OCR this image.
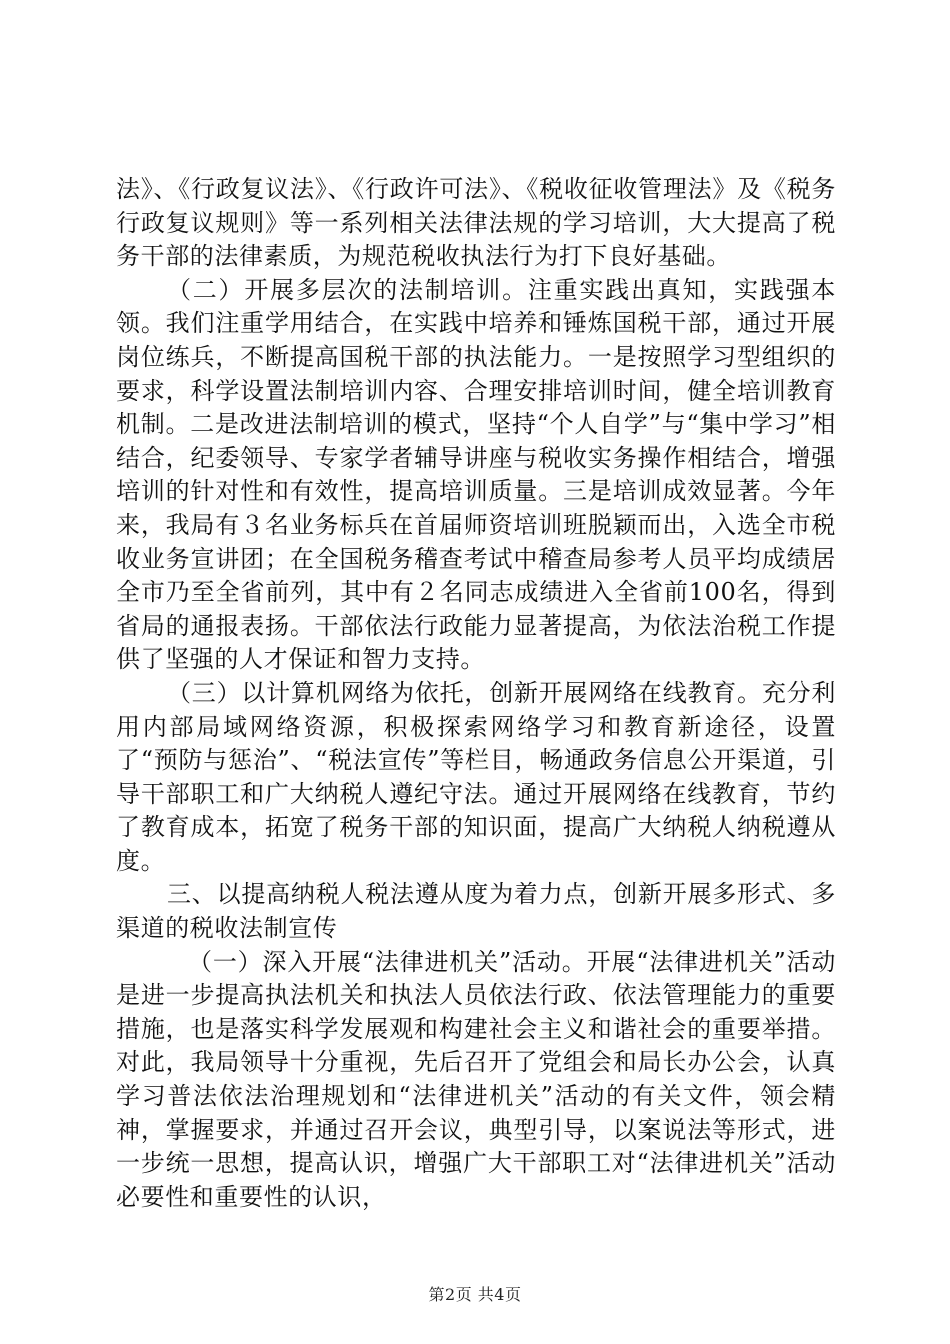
法》、《行政复议法》、《行政许可法》、《税收征收管理法》及《税务行政复议规则》等一系列相关法律法规的学习培训，大大提高了税务干部的法律素质，为规范税收执法行为打下良好基础。

（二）开展多层次的法制培训。注重实践出真知，实践强本领。我们注重学用结合，在实践中培养和锤炼国税干部，通过开展岗位练兵，不断提高国税干部的执法能力。一是按照学习型组织的要求，科学设置法制培训内容、合理安排培训时间，健全培训教育机制。二是改进法制培训的模式，坚持“个人自学”与“集中学习”相结合，纪委领导、专家学者辅导讲座与税收实务操作相结合，增强培训的针对性和有效性，提高培训质量。三是培训成效显著。今年来，我局有３名业务标兵在首届师资培训班脱颖而出，入选全市税收业务宣讲团；在全国税务稽查考试中稽查局参考人员平均成绩居全市乃至全省前列，其中有２名同志成绩进入全省前100名，得到省局的通报表扬。干部依法行政能力显著提高，为依法治税工作提供了坚强的人才保证和智力支持。

（三）以计算机网络为依托，创新开展网络在线教育。充分利用内部局域网络资源，积极探索网络学习和教育新途径，设置了“预防与惩治”、“税法宣传”等栏目，畅通政务信息公开渠道，引导干部职工和广大纳税人遵纪守法。通过开展网络在线教育，节约了教育成本，拓宽了税务干部的知识面，提高广大纳税人纳税遵从度。

三、以提高纳税人税法遵从度为着力点，创新开展多形式、多渠道的税收法制宣传

（一）深入开展“法律进机关”活动。开展“法律进机关”活动是进一步提高执法机关和执法人员依法行政、依法管理能力的重要措施，也是落实科学发展观和构建社会主义和谐社会的重要举措。对此，我局领导十分重视，先后召开了党组会和局长办公会，认真学习普法依法治理规划和“法律进机关”活动的有关文件，领会精神，掌握要求，并通过召开会议，典型引导，以案说法等形式，进一步统一思想，提高认识，增强广大干部职工对“法律进机关”活动必要性和重要性的认识，

第2页 共4页
